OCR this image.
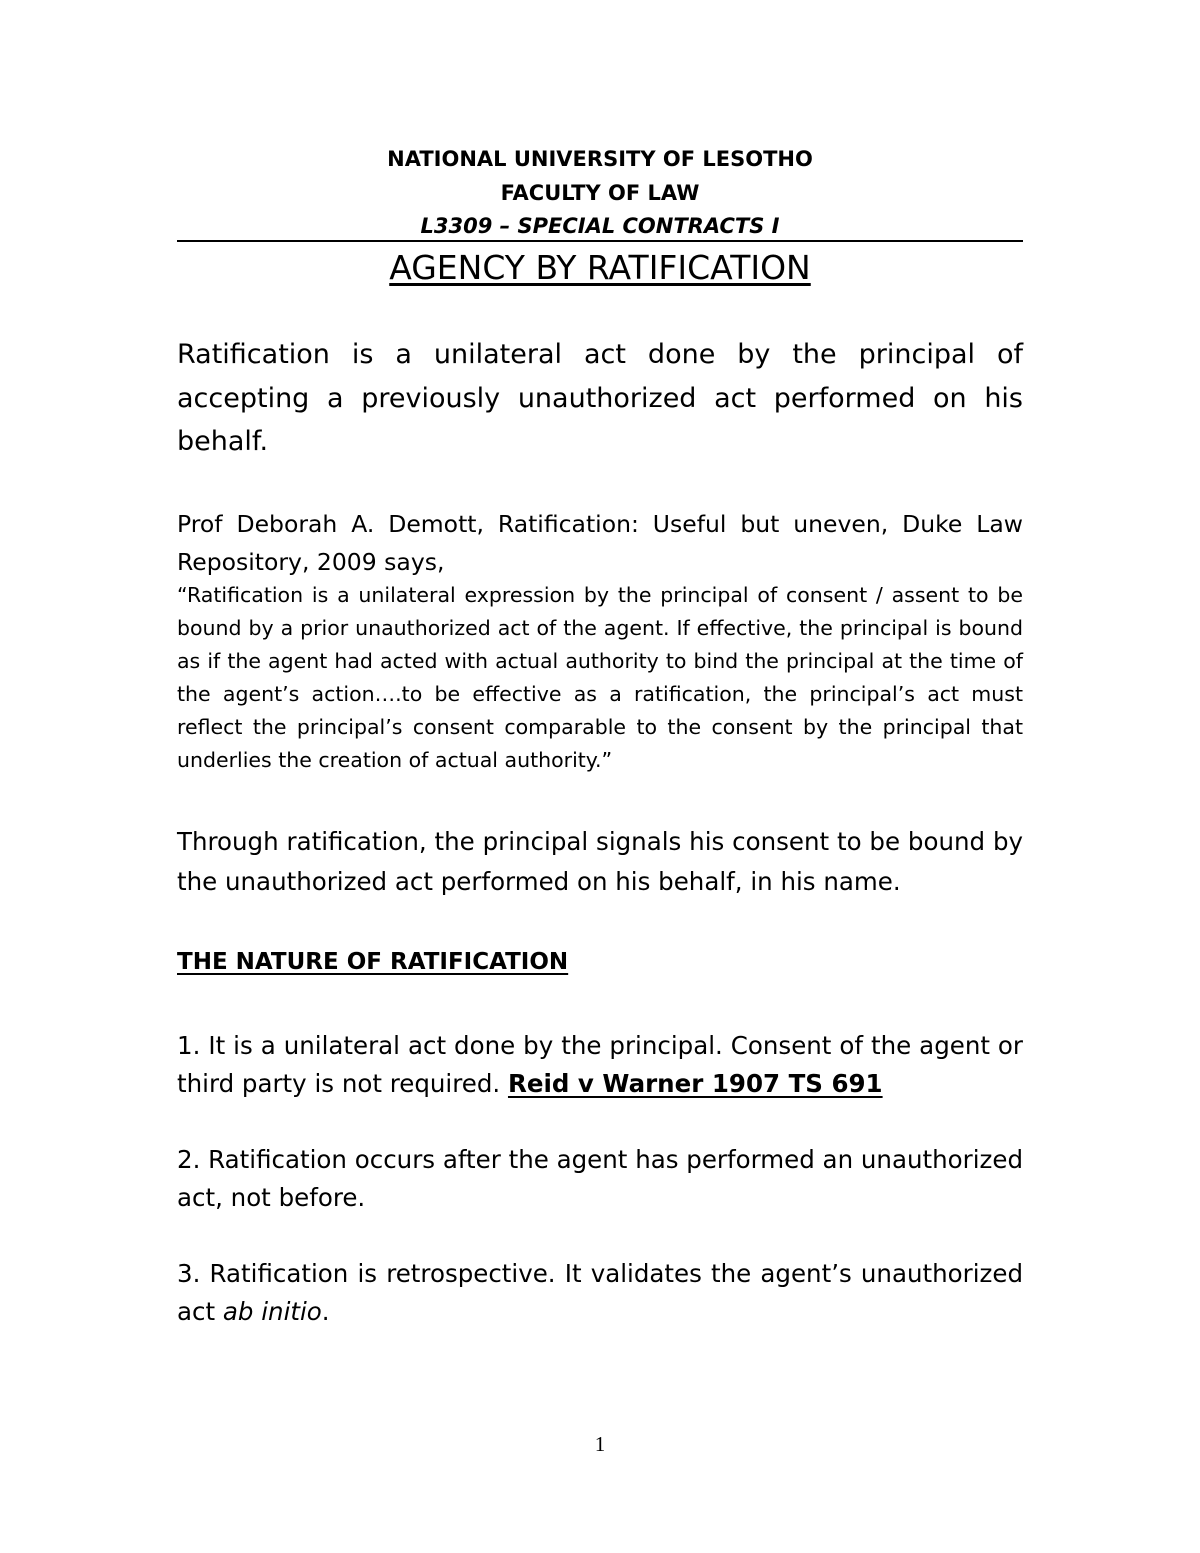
NATIONAL UNIVERSITY OF LESOTHO
FACULTY OF LAW
L3309 – SPECIAL CONTRACTS I
AGENCY BY RATIFICATION
Ratification is a unilateral act done by the principal of accepting a previously unauthorized act performed on his behalf.
Prof Deborah A. Demott, Ratification: Useful but uneven, Duke Law Repository, 2009 says,
“Ratification is a unilateral expression by the principal of consent / assent to be bound by a prior unauthorized act of the agent. If effective, the principal is bound as if the agent had acted with actual authority to bind the principal at the time of the agent’s action….to be effective as a ratification, the principal’s act must reflect the principal’s consent comparable to the consent by the principal that underlies the creation of actual authority.”
Through ratification, the principal signals his consent to be bound by the unauthorized act performed on his behalf, in his name.
THE NATURE OF RATIFICATION
1. It is a unilateral act done by the principal. Consent of the agent or third party is not required. Reid v Warner 1907 TS 691
2. Ratification occurs after the agent has performed an unauthorized act, not before.
3. Ratification is retrospective. It validates the agent’s unauthorized act ab initio.
1
